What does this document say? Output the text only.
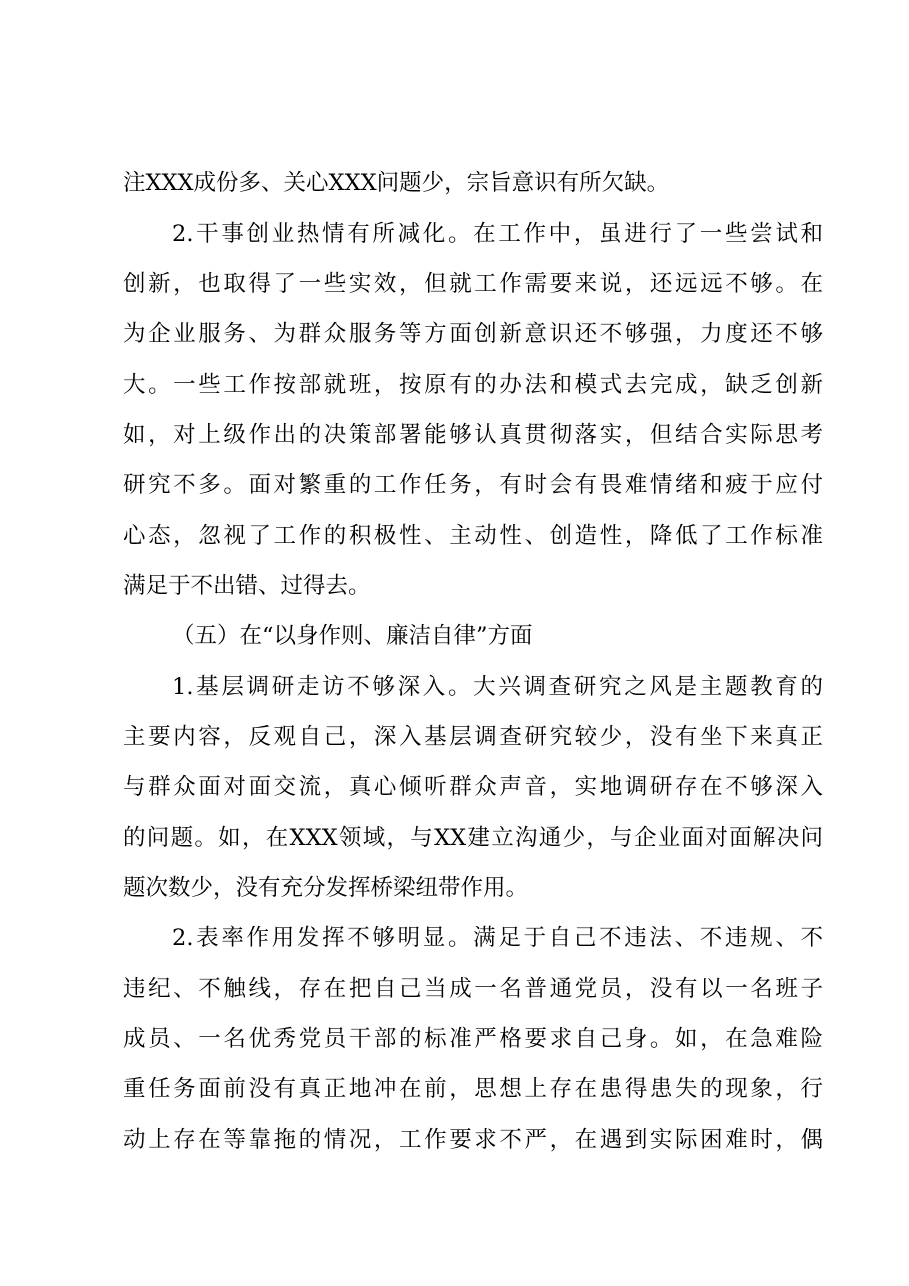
注XXX成份多、关心XXX问题少，宗旨意识有所欠缺。
2.干事创业热情有所减化。在工作中，虽进行了一些尝试和
创新，也取得了一些实效，但就工作需要来说，还远远不够。在
为企业服务、为群众服务等方面创新意识还不够强，力度还不够
大。一些工作按部就班，按原有的办法和模式去完成，缺乏创新
如，对上级作出的决策部署能够认真贯彻落实，但结合实际思考
研究不多。面对繁重的工作任务，有时会有畏难情绪和疲于应付
心态，忽视了工作的积极性、主动性、创造性，降低了工作标准
满足于不出错、过得去。
（五）在“以身作则、廉洁自律”方面
1.基层调研走访不够深入。大兴调查研究之风是主题教育的
主要内容，反观自己，深入基层调查研究较少，没有坐下来真正
与群众面对面交流，真心倾听群众声音，实地调研存在不够深入
的问题。如，在XXX领域，与XX建立沟通少，与企业面对面解决问
题次数少，没有充分发挥桥梁纽带作用。
2.表率作用发挥不够明显。满足于自己不违法、不违规、不
违纪、不触线，存在把自己当成一名普通党员，没有以一名班子
成员、一名优秀党员干部的标准严格要求自己身。如，在急难险
重任务面前没有真正地冲在前，思想上存在患得患失的现象，行
动上存在等靠拖的情况，工作要求不严，在遇到实际困难时，偶
